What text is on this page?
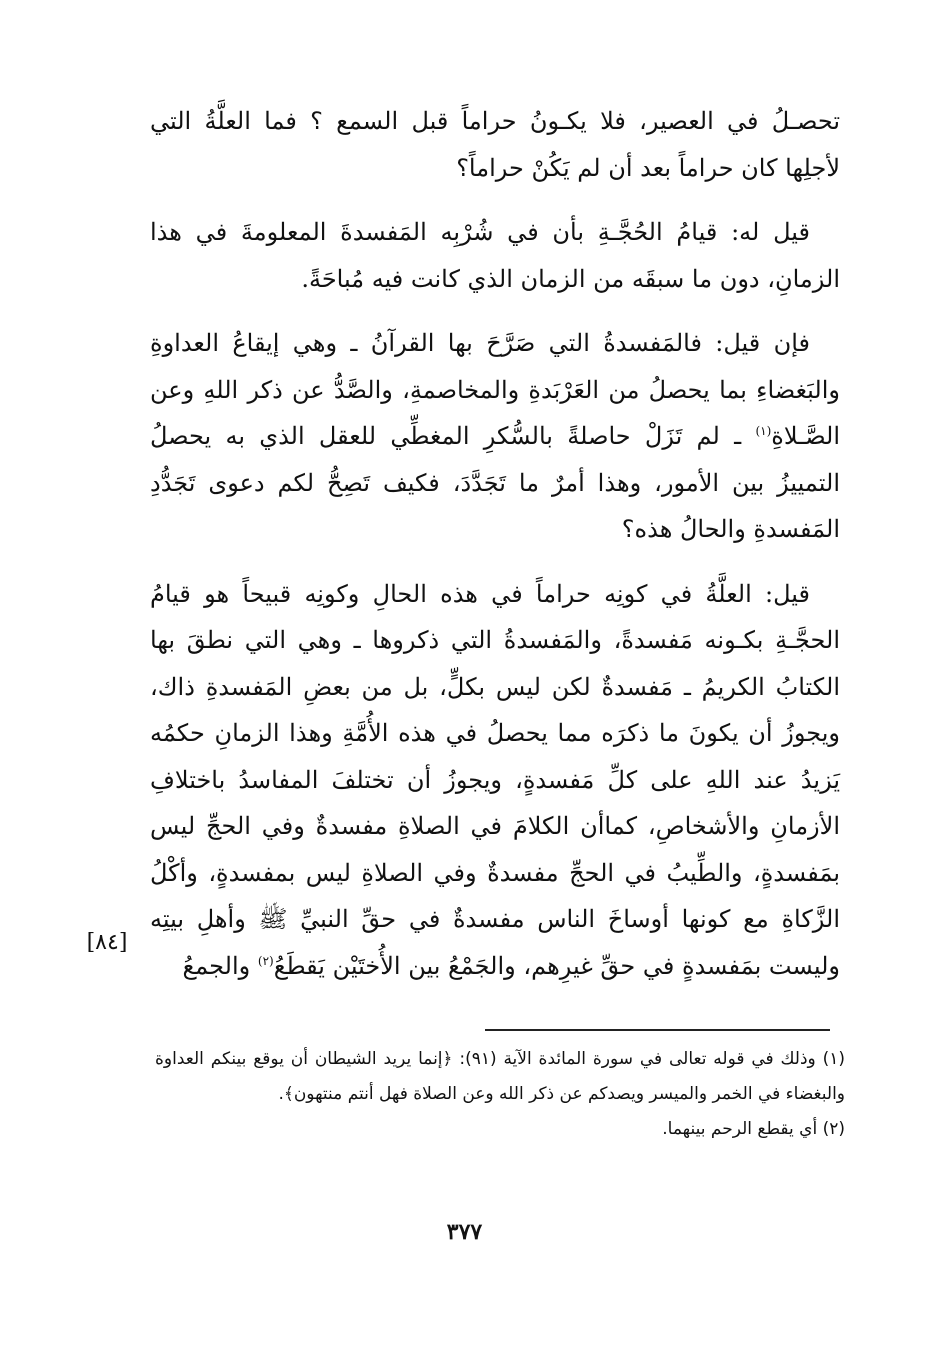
تحصـلُ في العصير، فلا يكـونُ حراماً قبل السمع ؟ فما العلَّةُ التي لأجلِها كان حراماً بعد أن لم يَكُنْ حراماً؟

قيل له: قيامُ الحُجَّـةِ بأن في شُرْبِه المَفسدةَ المعلومةَ في هذا الزمانِ، دون ما سبقَه من الزمان الذي كانت فيه مُباحَةً.

فإن قيل: فالمَفسدةُ التي صَرَّحَ بها القرآنُ ـ وهي إيقاعُ العداوةِ والبَغضاءِ بما يحصلُ من العَرْبَدةِ والمخاصمةِ، والصَّدُّ عن ذكر اللهِ وعن الصَّـلاةِ$^{(١)}$ ـ لم تَزَلْ حاصلةً بالسُّكرِ المغطِّي للعقل الذي به يحصلُ التمييزُ بين الأمور، وهذا أمرٌ ما تَجَدَّدَ، فكيف تَصِحُّ لكم دعوى تَجَدُّدِ المَفسدةِ والحالُ هذه؟

قيل: العلَّةُ في كونِه حراماً في هذه الحالِ وكونِه قبيحاً هو قيامُ الحجَّـةِ بكـونه مَفسدةً، والمَفسدةُ التي ذكروها ـ وهي التي نطقَ بها الكتابُ الكريمُ ـ مَفسدةٌ لكن ليس بكلٍّ، بل من بعضِ المَفسدةِ ذاك، ويجوزُ أن يكونَ ما ذكرَه مما يحصلُ في هذه الأُمَّةِ وهذا الزمانِ حكمُه يَزيدُ عند اللهِ على كلِّ مَفسدةٍ، ويجوزُ أن تختلفَ المفاسدُ باختلافِ الأزمانِ والأشخاصِ، كماأن الكلامَ في الصلاةِ مفسدةٌ وفي الحجِّ ليس بمَفسدةٍ، والطِّيبُ في الحجِّ مفسدةٌ وفي الصلاةِ ليس بمفسدةٍ، وأكْلُ الزَّكاةِ مع كونها أوساخَ الناس مفسدةٌ في حقِّ النبيِّ ﷺ وأهلِ بيتِه وليست بمَفسدةٍ في حقِّ غيرِهم، والجَمْعُ بين الأُختَيْن يَقطَعُ$^{(٢)}$ والجمعُ

[٨٤]

(١) وذلك في قوله تعالى في سورة المائدة الآية (٩١): ﴿إنما يريد الشيطان أن يوقع بينكم العداوة والبغضاء في الخمر والميسر ويصدكم عن ذكر الله وعن الصلاة فهل أنتم منتهون﴾.

(٢) أي يقطع الرحم بينهما.

٣٧٧
